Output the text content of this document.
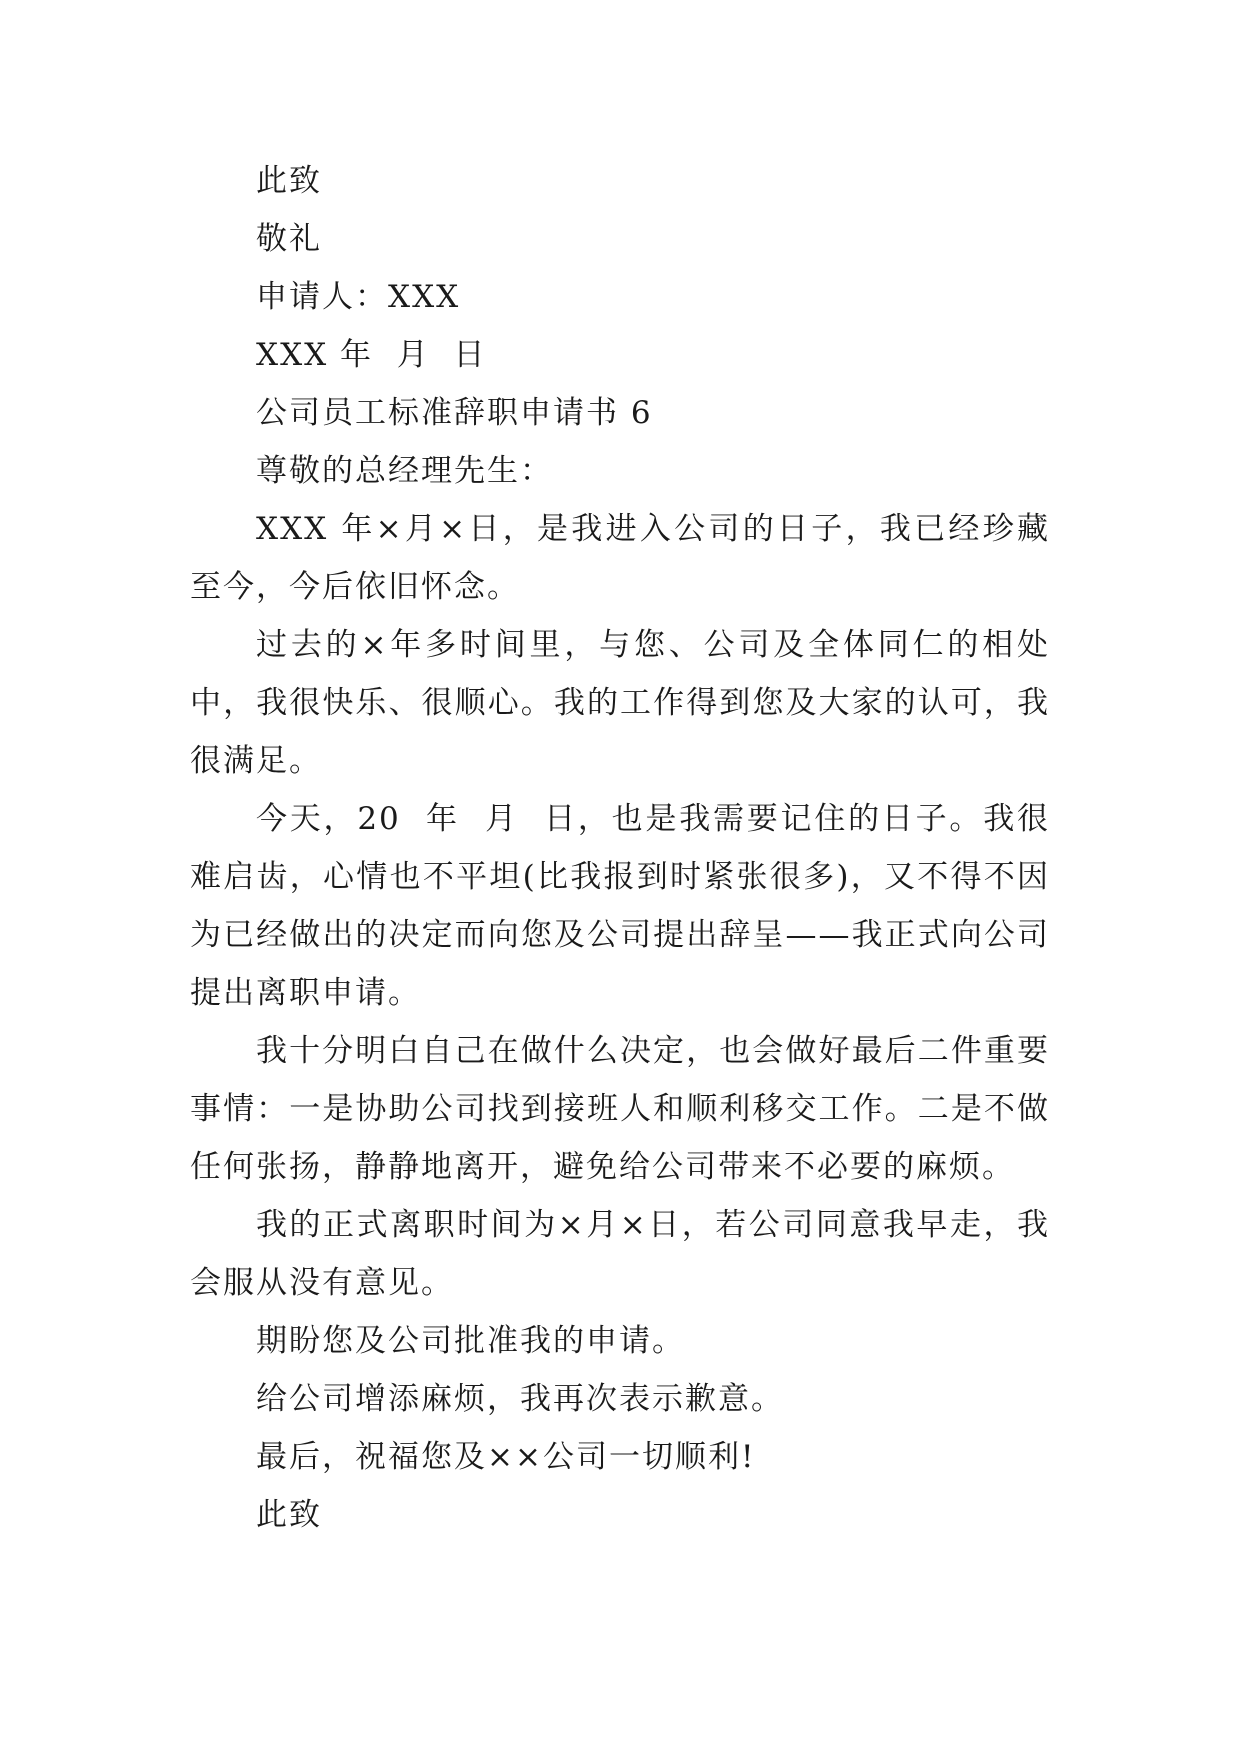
此致
敬礼
申请人：XXX
XXX 年  月  日
公司员工标准辞职申请书 6
尊敬的总经理先生：

XXX 年×月×日，是我进入公司的日子，我已经珍藏至今，今后依旧怀念。

过去的×年多时间里，与您、公司及全体同仁的相处中，我很快乐、很顺心。我的工作得到您及大家的认可，我很满足。

今天，20  年  月  日，也是我需要记住的日子。我很难启齿，心情也不平坦(比我报到时紧张很多)，又不得不因为已经做出的决定而向您及公司提出辞呈——我正式向公司提出离职申请。

我十分明白自己在做什么决定，也会做好最后二件重要事情：一是协助公司找到接班人和顺利移交工作。二是不做任何张扬，静静地离开，避免给公司带来不必要的麻烦。

我的正式离职时间为×月×日，若公司同意我早走，我会服从没有意见。

期盼您及公司批准我的申请。
给公司增添麻烦，我再次表示歉意。
最后，祝福您及××公司一切顺利!
此致
